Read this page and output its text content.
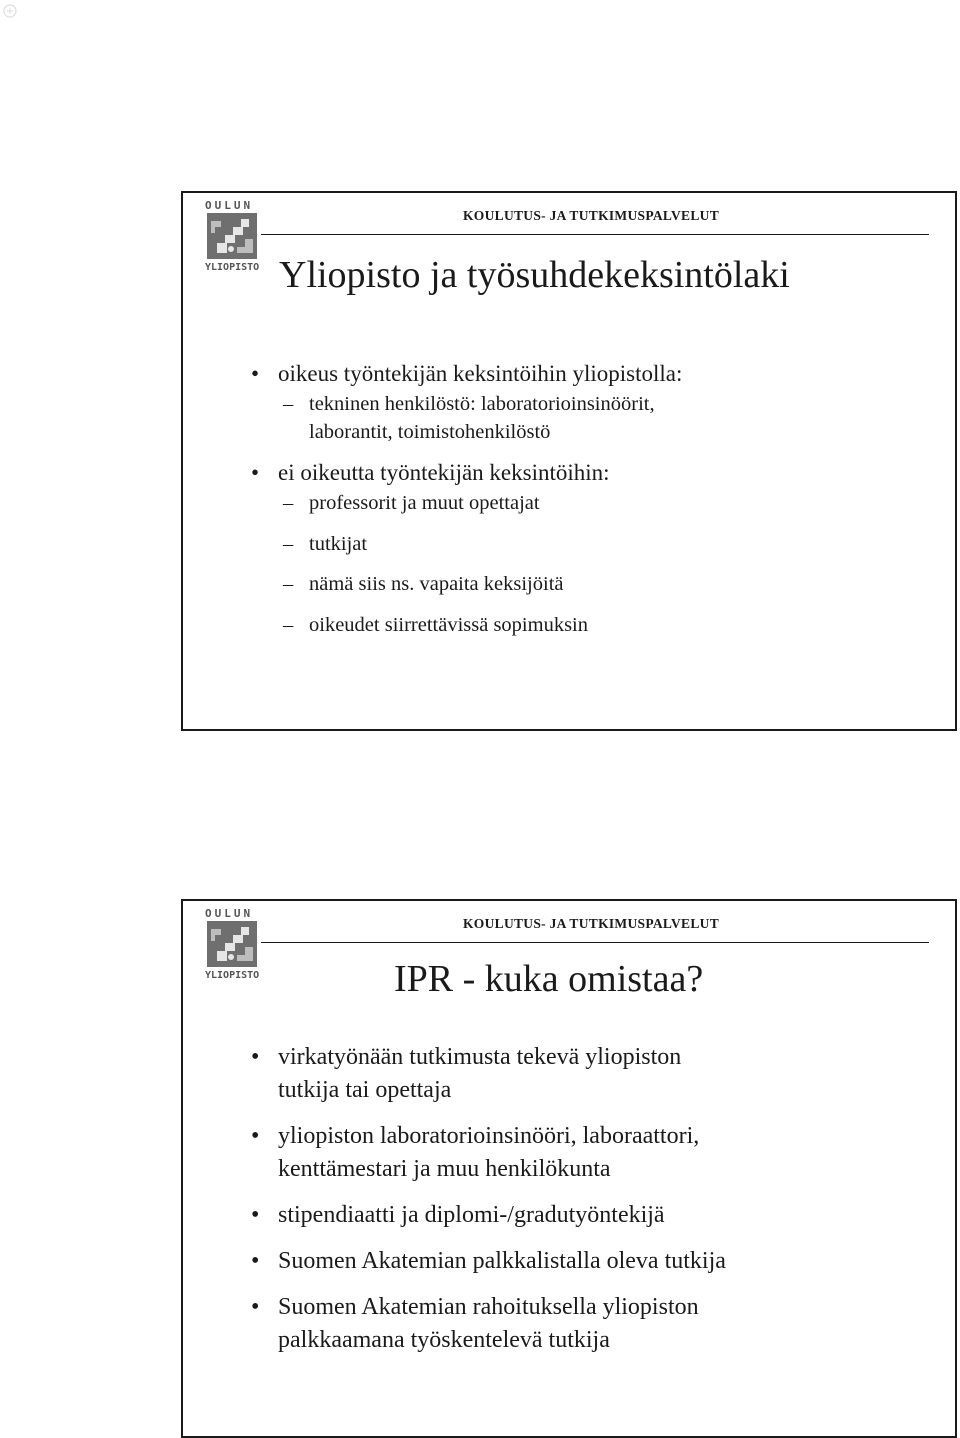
OULUN
YLIOPISTO
KOULUTUS- JA TUTKIMUSPALVELUT
Yliopisto ja työsuhdekeksintölaki
• oikeus työntekijän keksintöihin yliopistolla:
– tekninen henkilöstö: laboratorioinsinöörit,
laborantit, toimistohenkilöstö
• ei oikeutta työntekijän keksintöihin:
– professorit ja muut opettajat
– tutkijat
– nämä siis ns. vapaita keksijöitä
– oikeudet siirrettävissä sopimuksin
OULUN
YLIOPISTO
KOULUTUS- JA TUTKIMUSPALVELUT
IPR - kuka omistaa?
• virkatyönään tutkimusta tekevä yliopiston
tutkija tai opettaja
• yliopiston laboratorioinsinööri, laboraattori,
kenttämestari ja muu henkilökunta
• stipendiaatti ja diplomi-/gradutyöntekijä
• Suomen Akatemian palkkalistalla oleva tutkija
• Suomen Akatemian rahoituksella yliopiston
palkkaamana työskentelevä tutkija
